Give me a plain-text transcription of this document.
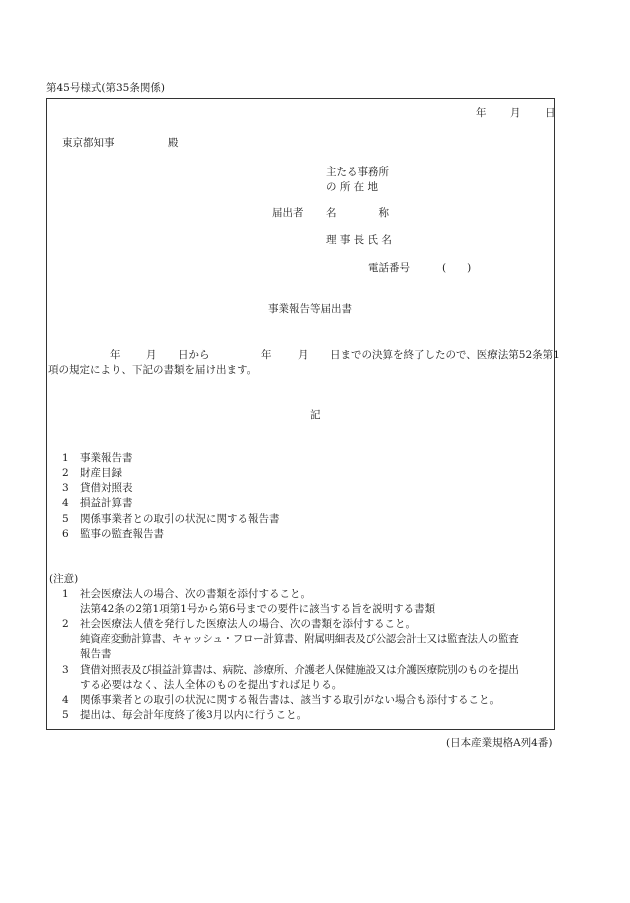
第45号様式(第35条関係)
年 月 日
東京都知事	殿
主たる事務所
の 所 在 地
届出者 名　　　　称
理 事 長 氏 名
電話番号	(　　)
事業報告等届出書
年 月 日から	年	月 日までの決算を終了したので、医療法第52条第1
項の規定により、下記の書類を届け出ます。
記
1 事業報告書
2 財産目録
3 貸借対照表
4 損益計算書
5 関係事業者との取引の状況に関する報告書
6 監事の監査報告書
(注意)
1 社会医療法人の場合、次の書類を添付すること。
法第42条の2第1項第1号から第6号までの要件に該当する旨を説明する書類
2 社会医療法人債を発行した医療法人の場合、次の書類を添付すること。
純資産変動計算書、キャッシュ・フロー計算書、附属明細表及び公認会計士又は監査法人の監査
報告書
3 貸借対照表及び損益計算書は、病院、診療所、介護老人保健施設又は介護医療院別のものを提出
する必要はなく、法人全体のものを提出すれば足りる。
4 関係事業者との取引の状況に関する報告書は、該当する取引がない場合も添付すること。
5 提出は、毎会計年度終了後3月以内に行うこと。
(日本産業規格A列4番)
